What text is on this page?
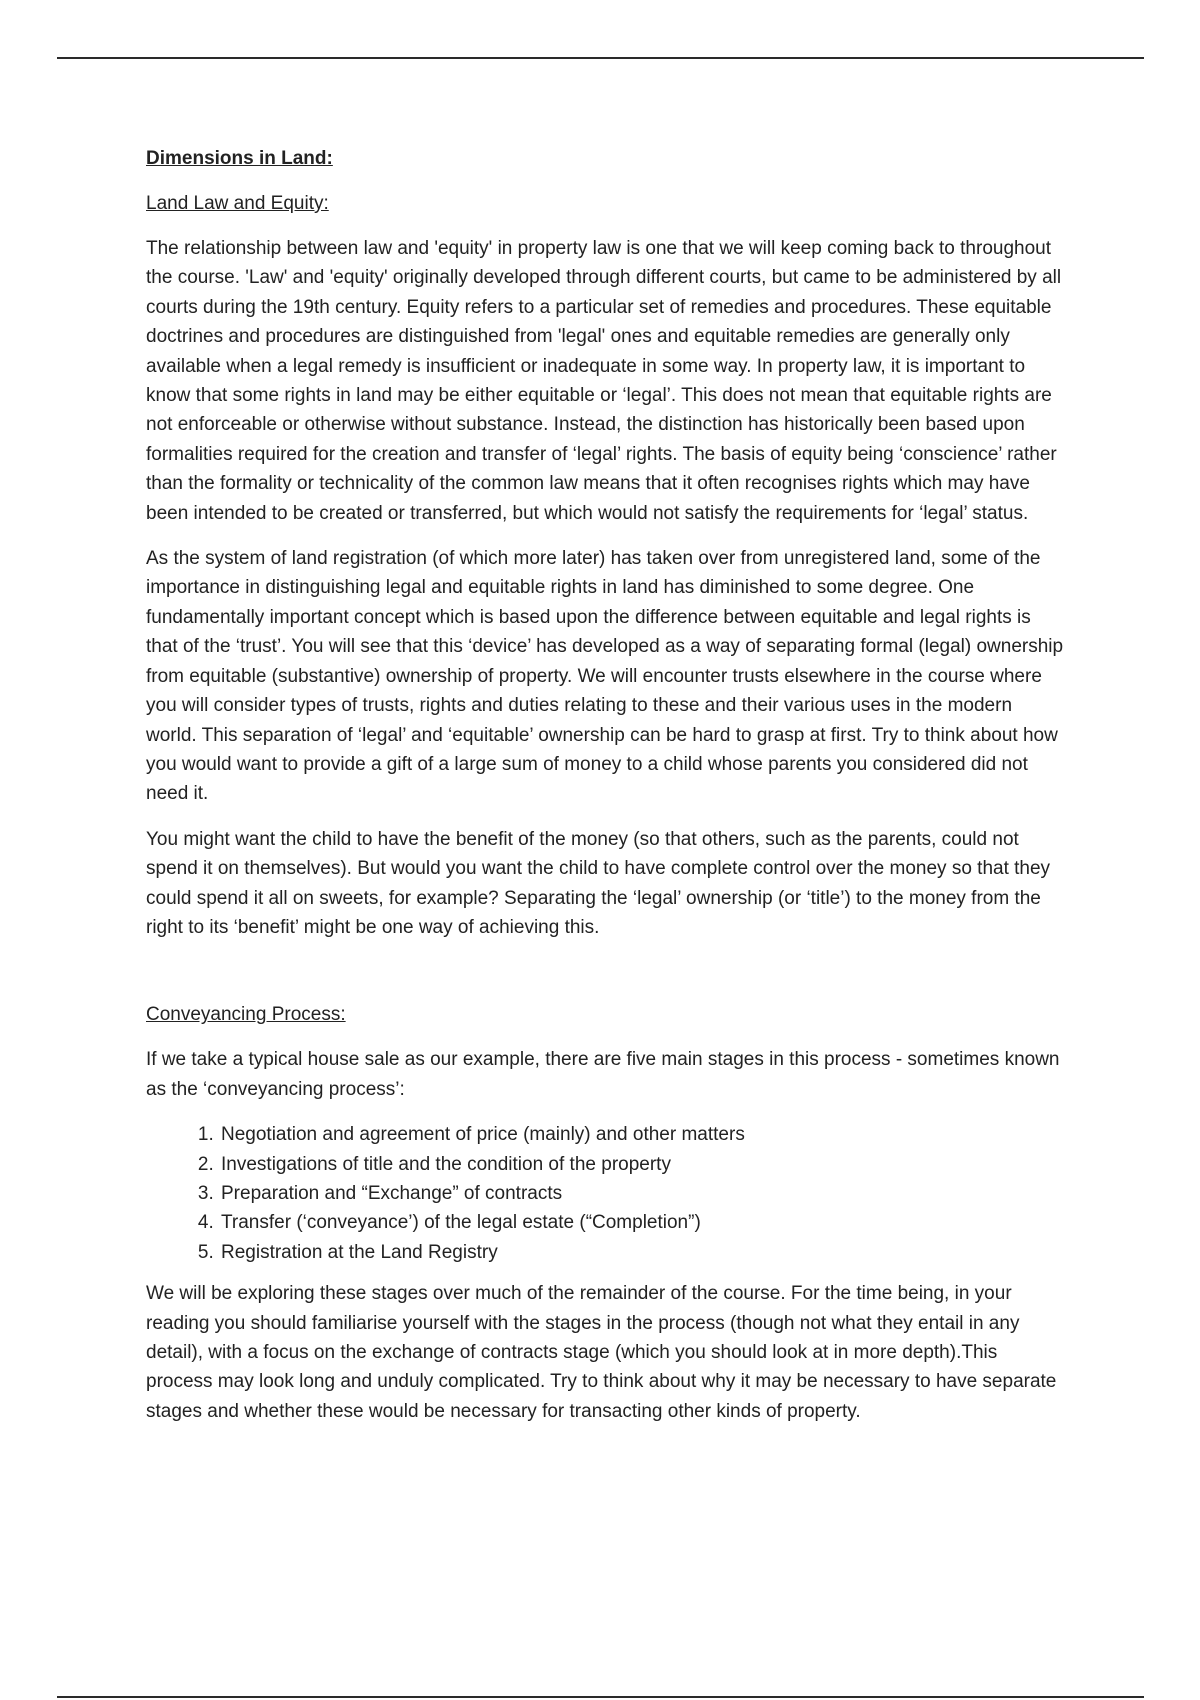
Dimensions in Land:
Land Law and Equity:

The relationship between law and 'equity' in property law is one that we will keep coming back to throughout the course. 'Law' and 'equity' originally developed through different courts, but came to be administered by all courts during the 19th century. Equity refers to a particular set of remedies and procedures. These equitable doctrines and procedures are distinguished from 'legal' ones and equitable remedies are generally only available when a legal remedy is insufficient or inadequate in some way. In property law, it is important to know that some rights in land may be either equitable or ‘legal’. This does not mean that equitable rights are not enforceable or otherwise without substance. Instead, the distinction has historically been based upon formalities required for the creation and transfer of ‘legal’ rights. The basis of equity being ‘conscience’ rather than the formality or technicality of the common law means that it often recognises rights which may have been intended to be created or transferred, but which would not satisfy the requirements for ‘legal’ status.

As the system of land registration (of which more later) has taken over from unregistered land, some of the importance in distinguishing legal and equitable rights in land has diminished to some degree. One fundamentally important concept which is based upon the difference between equitable and legal rights is that of the ‘trust’. You will see that this ‘device’ has developed as a way of separating formal (legal) ownership from equitable (substantive) ownership of property. We will encounter trusts elsewhere in the course where you will consider types of trusts, rights and duties relating to these and their various uses in the modern world. This separation of ‘legal’ and ‘equitable’ ownership can be hard to grasp at first. Try to think about how you would want to provide a gift of a large sum of money to a child whose parents you considered did not need it.

You might want the child to have the benefit of the money (so that others, such as the parents, could not spend it on themselves). But would you want the child to have complete control over the money so that they could spend it all on sweets, for example? Separating the ‘legal’ ownership (or ‘title’) to the money from the right to its ‘benefit’ might be one way of achieving this.

Conveyancing Process:

If we take a typical house sale as our example, there are five main stages in this process - sometimes known as the ‘conveyancing process’:

1. Negotiation and agreement of price (mainly) and other matters
2. Investigations of title and the condition of the property
3. Preparation and “Exchange” of contracts
4. Transfer (‘conveyance’) of the legal estate (“Completion”)
5. Registration at the Land Registry

We will be exploring these stages over much of the remainder of the course. For the time being, in your reading you should familiarise yourself with the stages in the process (though not what they entail in any detail), with a focus on the exchange of contracts stage (which you should look at in more depth).This process may look long and unduly complicated. Try to think about why it may be necessary to have separate stages and whether these would be necessary for transacting other kinds of property.
